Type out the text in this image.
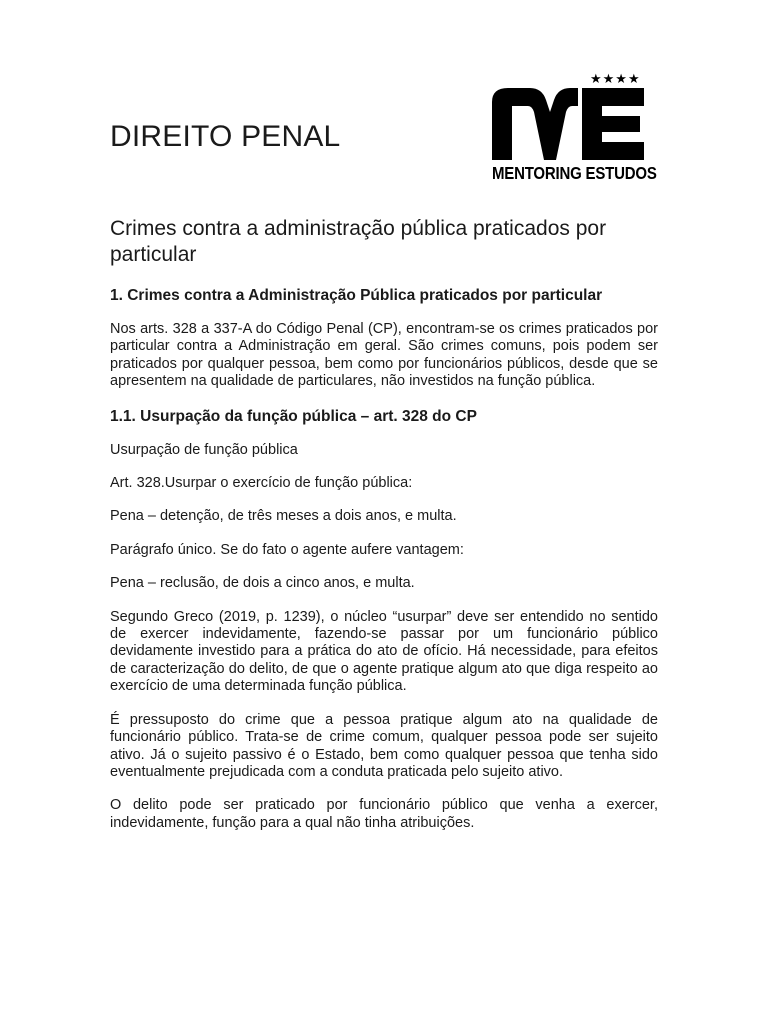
DIREITO PENAL
★★★★
MENTORING ESTUDOS
Crimes contra a administração pública praticados por particular
1. Crimes contra a Administração Pública praticados por particular

Nos arts. 328 a 337-A do Código Penal (CP), encontram-se os crimes praticados por particular contra a Administração em geral. São crimes comuns, pois podem ser praticados por qualquer pessoa, bem como por funcionários públicos, desde que se apresentem na qualidade de particulares, não investidos na função pública.

1.1. Usurpação da função pública – art. 328 do CP

Usurpação de função pública

Art. 328.Usurpar o exercício de função pública:

Pena – detenção, de três meses a dois anos, e multa.

Parágrafo único. Se do fato o agente aufere vantagem:

Pena – reclusão, de dois a cinco anos, e multa.

Segundo Greco (2019, p. 1239), o núcleo “usurpar” deve ser entendido no sentido de exercer indevidamente, fazendo-se passar por um funcionário público devidamente investido para a prática do ato de ofício. Há necessidade, para efeitos de caracterização do delito, de que o agente pratique algum ato que diga respeito ao exercício de uma determinada função pública.

É pressuposto do crime que a pessoa pratique algum ato na qualidade de funcionário público. Trata-se de crime comum, qualquer pessoa pode ser sujeito ativo. Já o sujeito passivo é o Estado, bem como qualquer pessoa que tenha sido eventualmente prejudicada com a conduta praticada pelo sujeito ativo.

O delito pode ser praticado por funcionário público que venha a exercer, indevidamente, função para a qual não tinha atribuições.
